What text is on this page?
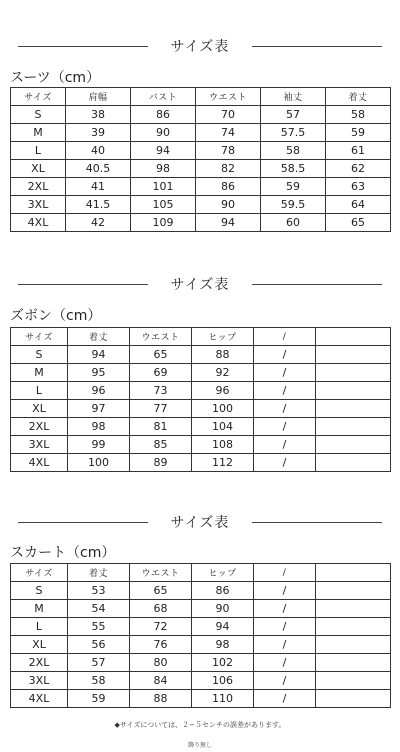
サイズ表
スーツ（cm）
サイズ	肩幅	バスト	ウエスト	袖丈	着丈
S	38	86	70	57	58
M	39	90	74	57.5	59
L	40	94	78	58	61
XL	40.5	98	82	58.5	62
2XL	41	101	86	59	63
3XL	41.5	105	90	59.5	64
4XL	42	109	94	60	65
サイズ表
ズボン（cm）
サイズ	着丈	ウエスト	ヒップ	/	
S	94	65	88	/	
M	95	69	92	/	
L	96	73	96	/	
XL	97	77	100	/	
2XL	98	81	104	/	
3XL	99	85	108	/	
4XL	100	89	112	/	
サイズ表
スカート（cm）
サイズ	着丈	ウエスト	ヒップ	/	
S	53	65	86	/	
M	54	68	90	/	
L	55	72	94	/	
XL	56	76	98	/	
2XL	57	80	102	/	
3XL	58	84	106	/	
4XL	59	88	110	/	
◆サイズについては、２−５センチの誤差があります。
飾り無し
